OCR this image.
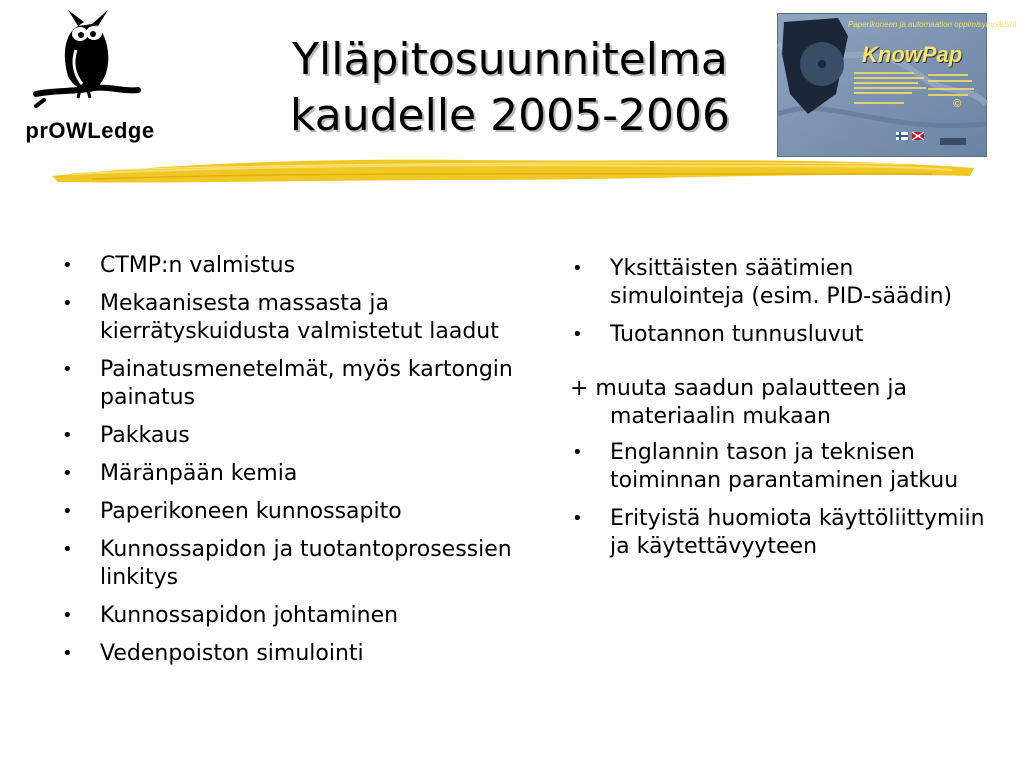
prOWLedge
Ylläpitosuunnitelma
kaudelle 2005-2006
Paperikoneen ja automaation oppimisympäristö
KnowPap
©
• CTMP:n valmistus
• Mekaanisesta massasta ja kierrätyskuidusta valmistetut laadut
• Painatusmenetelmät, myös kartongin painatus
• Pakkaus
• Märänpään kemia
• Paperikoneen kunnossapito
• Kunnossapidon ja tuotantoprosessien linkitys
• Kunnossapidon johtaminen
• Vedenpoiston simulointi
• Yksittäisten säätimien simulointeja (esim. PID-säädin)
• Tuotannon tunnusluvut
+ muuta saadun palautteen ja materiaalin mukaan
• Englannin tason ja teknisen toiminnan parantaminen jatkuu
• Erityistä huomiota käyttöliittymiin ja käytettävyyteen
